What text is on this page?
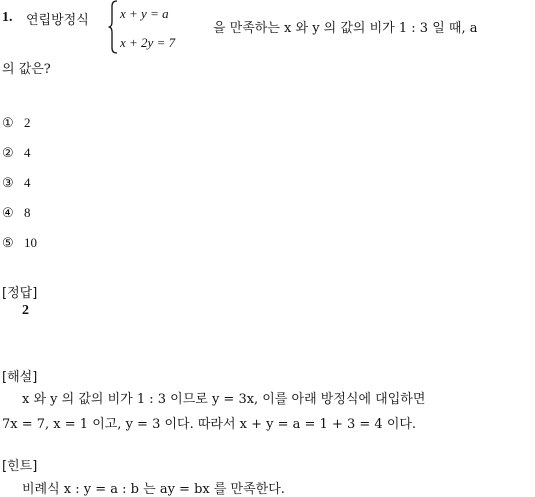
1. 연립방정식 x + y = a
x + 2y = 7
을 만족하는 x 와 y 의 값의 비가 1 : 3 일 때, a
의 값은?
① 2
② 4
③ 4
④ 8
⑤ 10
[정답]
2
[해설]
x 와 y 의 값의 비가 1 : 3 이므로 y = 3x, 이를 아래 방정식에 대입하면
7x = 7, x = 1 이고, y = 3 이다. 따라서 x + y = a = 1 + 3 = 4 이다.
[힌트]
비례식 x : y = a : b 는 ay = bx 를 만족한다.
